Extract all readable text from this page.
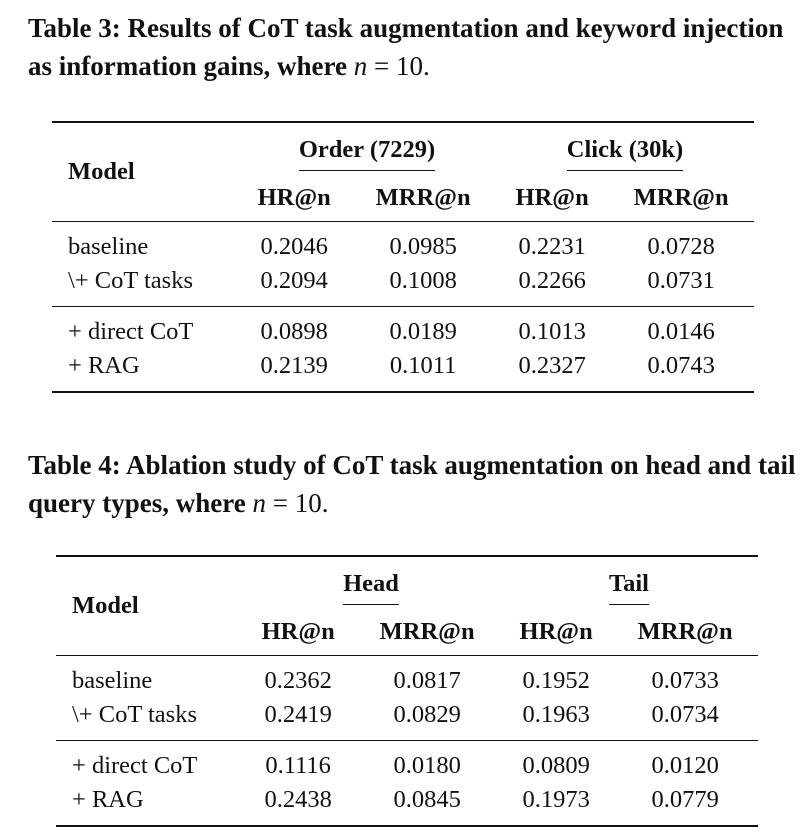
Table 3: Results of CoT task augmentation and keyword injection as information gains, where n = 10.

Model	Order (7229)		Click (30k)	
	HR@n	MRR@n	HR@n	MRR@n
baseline	0.2046	0.0985	0.2231	0.0728
\+ CoT tasks	0.2094	0.1008	0.2266	0.0731
+ direct CoT	0.0898	0.0189	0.1013	0.0146
+ RAG	0.2139	0.1011	0.2327	0.0743

Table 4: Ablation study of CoT task augmentation on head and tail query types, where n = 10.

Model	Head		Tail	
	HR@n	MRR@n	HR@n	MRR@n
baseline	0.2362	0.0817	0.1952	0.0733
\+ CoT tasks	0.2419	0.0829	0.1963	0.0734
+ direct CoT	0.1116	0.0180	0.0809	0.0120
+ RAG	0.2438	0.0845	0.1973	0.0779
